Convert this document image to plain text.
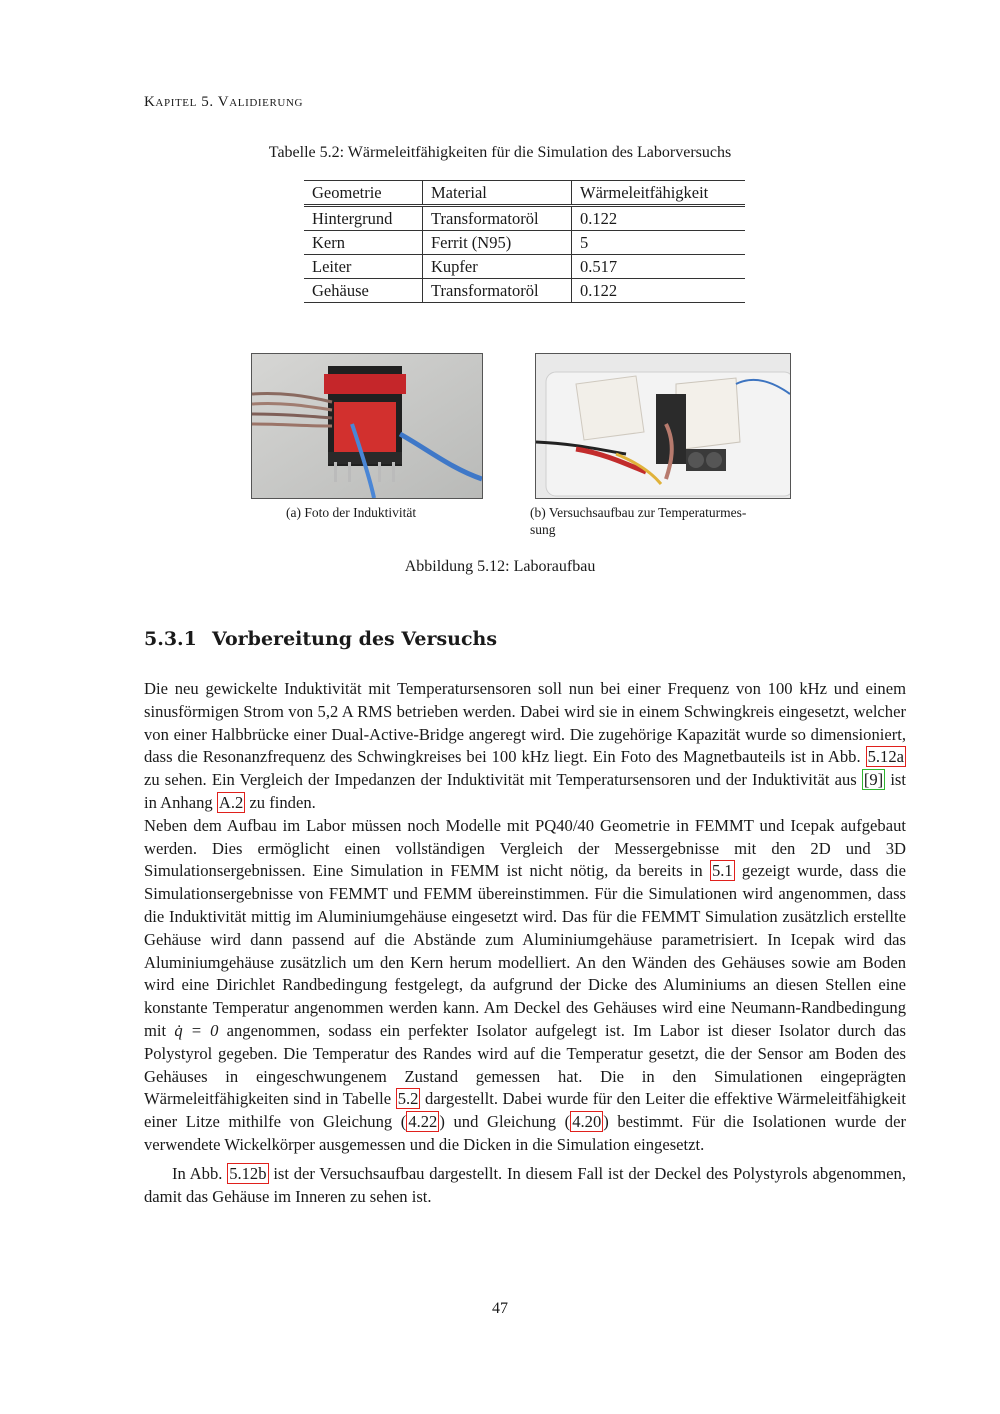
Kapitel 5. Validierung
Tabelle 5.2: Wärmeleitfähigkeiten für die Simulation des Laborversuchs
Geometrie	Material	Wärmeleitfähigkeit
Hintergrund	Transformatoröl	0.122
Kern	Ferrit (N95)	5
Leiter	Kupfer	0.517
Gehäuse	Transformatoröl	0.122
(a) Foto der Induktivität	(b) Versuchsaufbau zur Temperaturmes-
sung
Abbildung 5.12: Laboraufbau
5.3.1 Vorbereitung des Versuchs

Die neu gewickelte Induktivität mit Temperatursensoren soll nun bei einer Frequenz von 100 kHz und einem sinusförmigen Strom von 5,2 A RMS betrieben werden. Dabei wird sie in einem Schwingkreis eingesetzt, welcher von einer Halbbrücke einer Dual-Active-Bridge angeregt wird. Die zugehörige Kapazität wurde so dimensioniert, dass die Resonanzfrequenz des Schwingkreises bei 100 kHz liegt. Ein Foto des Magnetbauteils ist in Abb. 5.12a zu sehen. Ein Vergleich der Impedanzen der Induktivität mit Temperatursensoren und der Induktivität aus [9] ist in Anhang A.2 zu finden.

Neben dem Aufbau im Labor müssen noch Modelle mit PQ40/40 Geometrie in FEMMT und Icepak aufgebaut werden. Dies ermöglicht einen vollständigen Vergleich der Messergebnisse mit den 2D und 3D Simulationsergebnissen. Eine Simulation in FEMM ist nicht nötig, da bereits in 5.1 gezeigt wurde, dass die Simulationsergebnisse von FEMMT und FEMM übereinstimmen. Für die Simulationen wird angenommen, dass die Induktivität mittig im Aluminiumgehäuse eingesetzt wird. Das für die FEMMT Simulation zusätzlich erstellte Gehäuse wird dann passend auf die Abstände zum Aluminiumgehäuse parametrisiert. In Icepak wird das Aluminiumgehäuse zusätzlich um den Kern herum modelliert. An den Wänden des Gehäuses sowie am Boden wird eine Dirichlet Randbedingung festgelegt, da aufgrund der Dicke des Aluminiums an diesen Stellen eine konstante Temperatur angenommen werden kann. Am Deckel des Gehäuses wird eine Neumann-Randbedingung mit q̇ = 0 angenommen, sodass ein perfekter Isolator aufgelegt ist. Im Labor ist dieser Isolator durch das Polystyrol gegeben. Die Temperatur des Randes wird auf die Temperatur gesetzt, die der Sensor am Boden des Gehäuses in eingeschwungenem Zustand gemessen hat. Die in den Simulationen eingeprägten Wärmeleitfähigkeiten sind in Tabelle 5.2 dargestellt. Dabei wurde für den Leiter die effektive Wärmeleitfähigkeit einer Litze mithilfe von Gleichung ( 4.22 ) und Gleichung ( 4.20 ) bestimmt. Für die Isolationen wurde der verwendete Wickelkörper ausgemessen und die Dicken in die Simulation eingesetzt.

In Abb. 5.12b ist der Versuchsaufbau dargestellt. In diesem Fall ist der Deckel des Polystyrols abgenommen, damit das Gehäuse im Inneren zu sehen ist.

47
